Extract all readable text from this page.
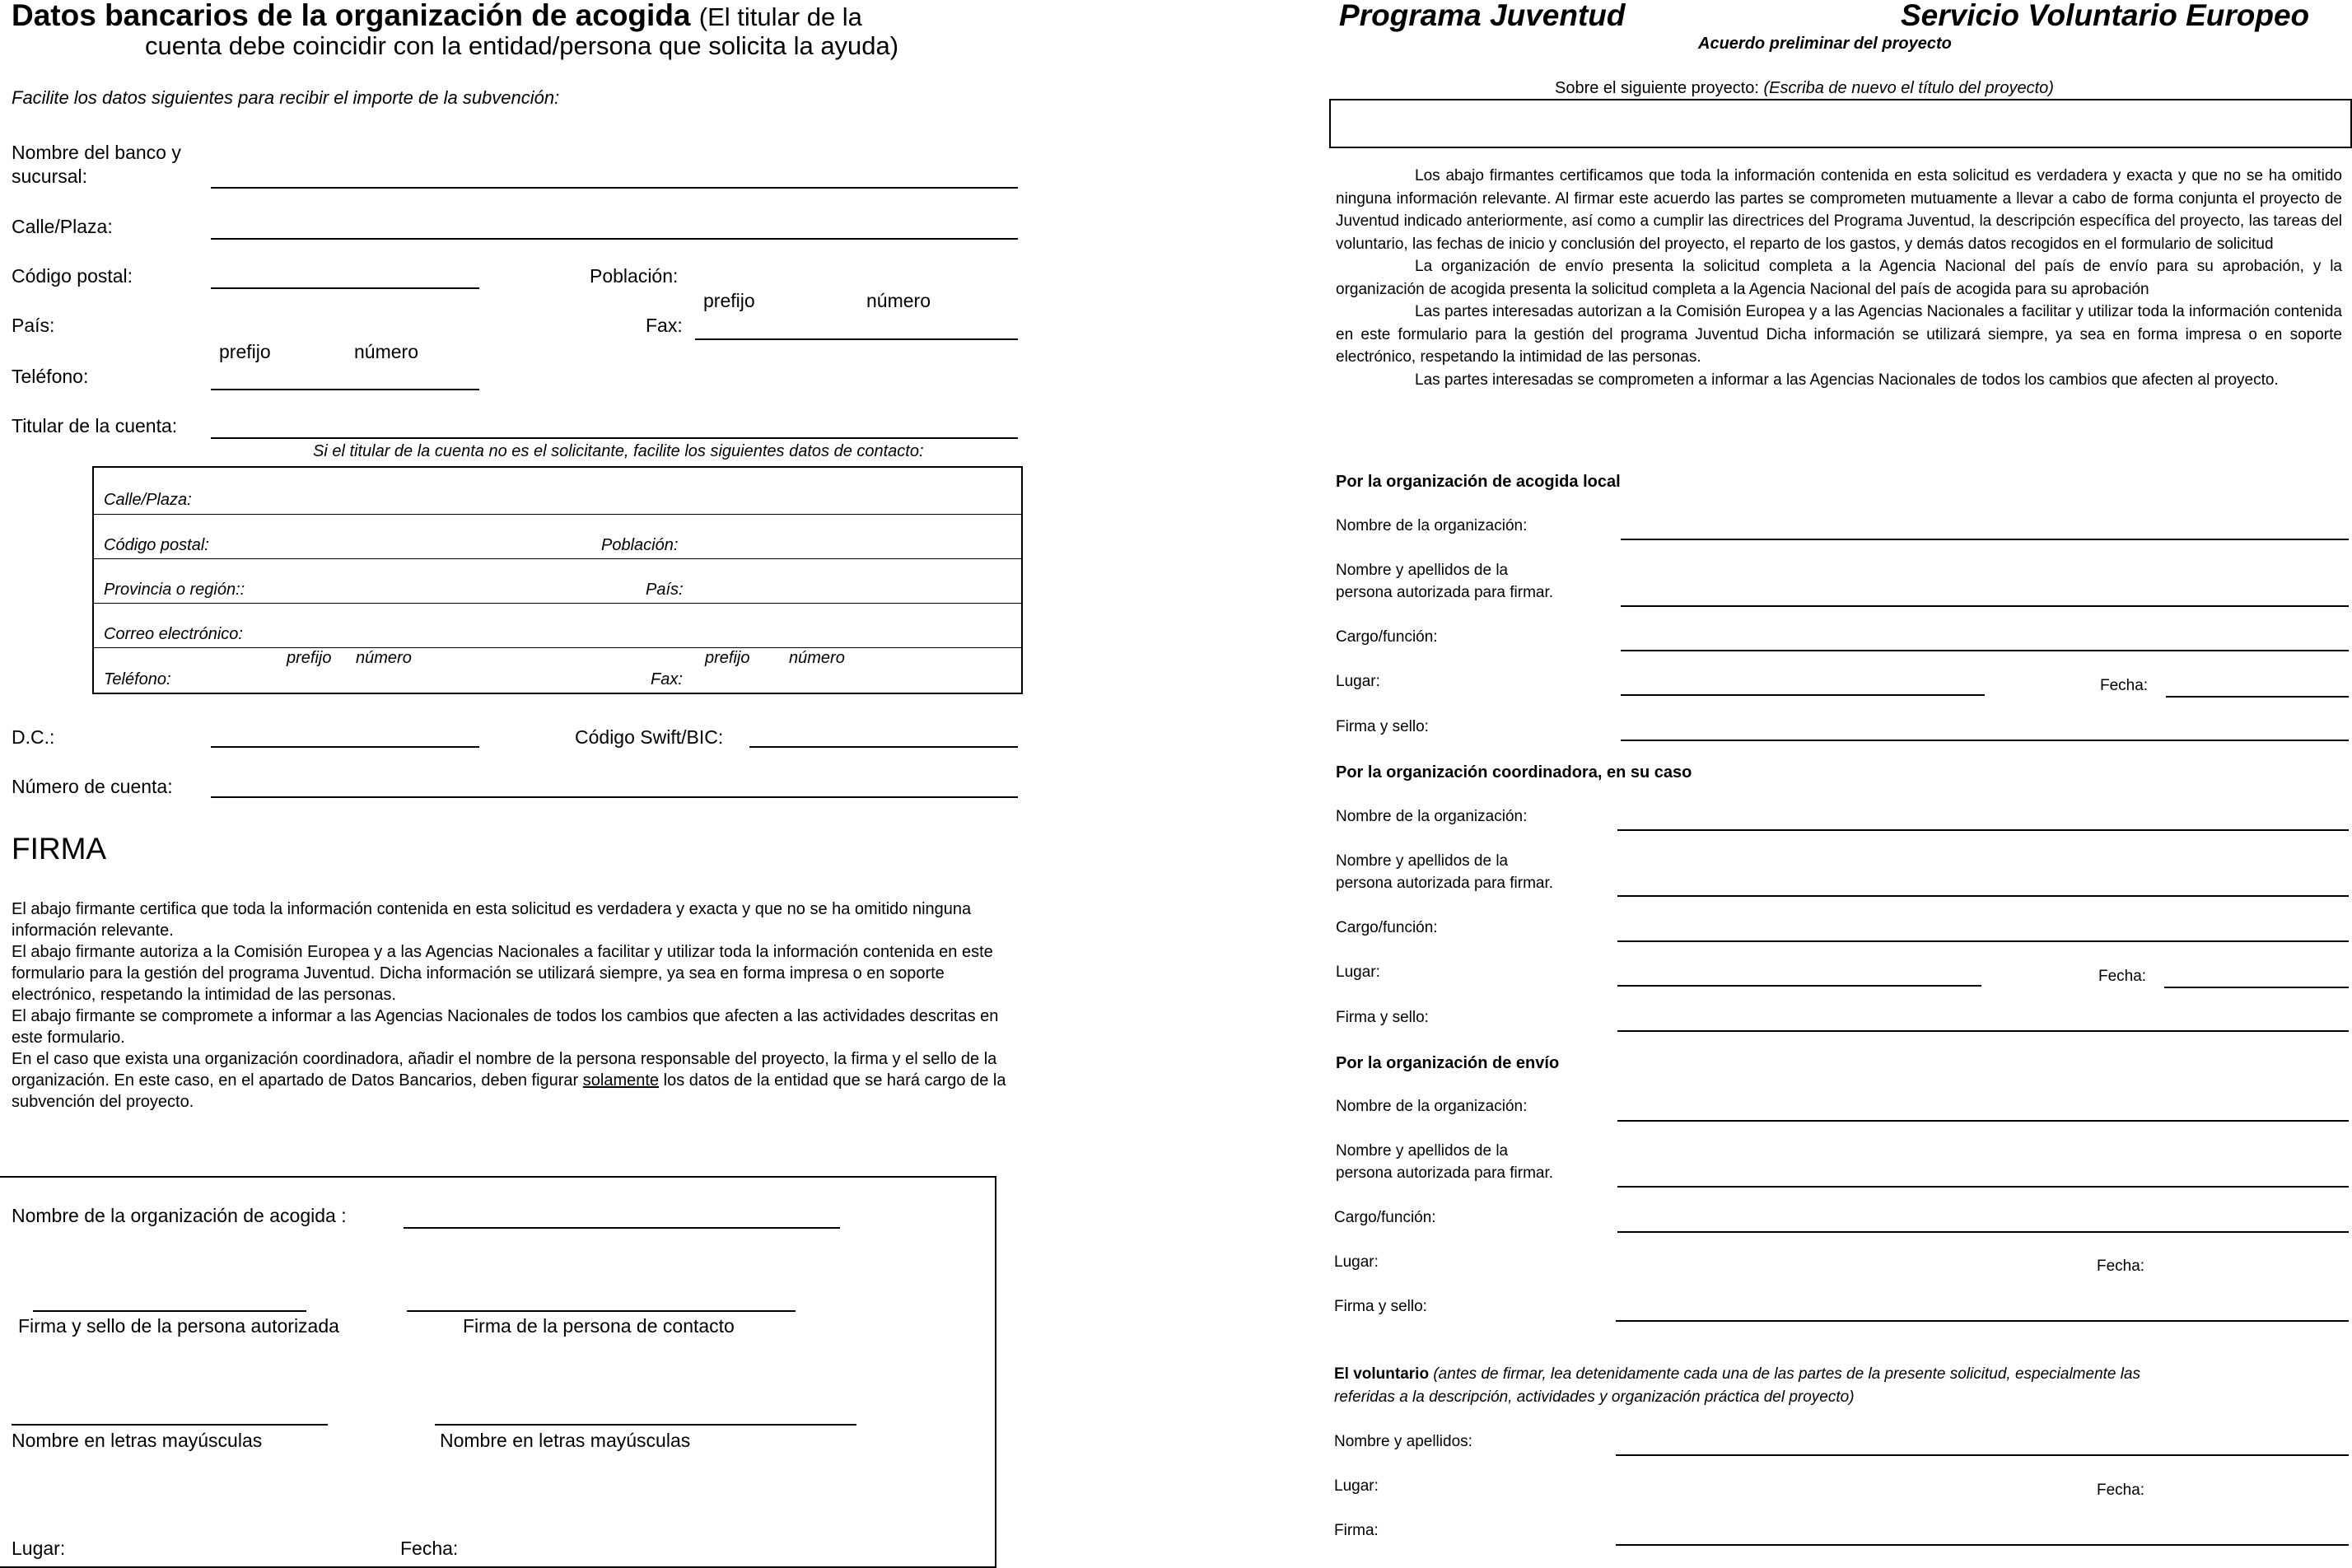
Datos bancarios de la organización de acogida (El titular de la
cuenta debe coincidir con la entidad/persona que solicita la ayuda)
Facilite los datos siguientes para recibir el importe de la subvención:
Nombre del banco y
sucursal:
Calle/Plaza:
Código postal:	Población:
prefijo	número
País:	Fax:
prefijo	número
Teléfono:
Titular de la cuenta:
Si el titular de la cuenta no es el solicitante, facilite los siguientes datos de contacto:
Calle/Plaza:
Código postal:	Población:
Provincia o región::	País:
Correo electrónico:
prefijo número	prefijo número
Teléfono:	Fax:
D.C.:	Código Swift/BIC:
Número de cuenta:
FIRMA
El abajo firmante certifica que toda la información contenida en esta solicitud es verdadera y exacta y que no se ha omitido ninguna información relevante.
El abajo firmante autoriza a la Comisión Europea y a las Agencias Nacionales a facilitar y utilizar toda la información contenida en este formulario para la gestión del programa Juventud. Dicha información se utilizará siempre, ya sea en forma impresa o en soporte electrónico, respetando la intimidad de las personas.
El abajo firmante se compromete a informar a las Agencias Nacionales de todos los cambios que afecten a las actividades descritas en este formulario.
En el caso que exista una organización coordinadora, añadir el nombre de la persona responsable del proyecto, la firma y el sello de la organización. En este caso, en el apartado de Datos Bancarios, deben figurar solamente los datos de la entidad que se hará cargo de la subvención del proyecto.
Nombre de la organización de acogida :
Firma y sello de la persona autorizada	Firma de la persona de contacto
Nombre en letras mayúsculas	Nombre en letras mayúsculas
Lugar:	Fecha:
Programa Juventud	Servicio Voluntario Europeo
Acuerdo preliminar del proyecto
Sobre el siguiente proyecto: (Escriba de nuevo el título del proyecto)
Los abajo firmantes certificamos que toda la información contenida en esta solicitud es verdadera y exacta y que no se ha omitido ninguna información relevante. Al firmar este acuerdo las partes se comprometen mutuamente a llevar a cabo de forma conjunta el proyecto de Juventud indicado anteriormente, así como a cumplir las directrices del Programa Juventud, la descripción específica del proyecto, las tareas del voluntario, las fechas de inicio y conclusión del proyecto, el reparto de los gastos, y demás datos recogidos en el formulario de solicitud
La organización de envío presenta la solicitud completa a la Agencia Nacional del país de envío para su aprobación, y la organización de acogida presenta la solicitud completa a la Agencia Nacional del país de acogida para su aprobación
Las partes interesadas autorizan a la Comisión Europea y a las Agencias Nacionales a facilitar y utilizar toda la información contenida en este formulario para la gestión del programa Juventud Dicha información se utilizará siempre, ya sea en forma impresa o en soporte electrónico, respetando la intimidad de las personas.
Las partes interesadas se comprometen a informar a las Agencias Nacionales de todos los cambios que afecten al proyecto.
Por la organización de acogida local
Nombre de la organización:
Nombre y apellidos de la
persona autorizada para firmar.
Cargo/función:
Lugar:	Fecha:
Firma y sello:
Por la organización coordinadora, en su caso
Nombre de la organización:
Nombre y apellidos de la
persona autorizada para firmar.
Cargo/función:
Lugar:	Fecha:
Firma y sello:
Por la organización de envío
Nombre de la organización:
Nombre y apellidos de la
persona autorizada para firmar.
Cargo/función:
Lugar:	Fecha:
Firma y sello:
El voluntario (antes de firmar, lea detenidamente cada una de las partes de la presente solicitud, especialmente las
referidas a la descripción, actividades y organización práctica del proyecto)
Nombre y apellidos:
Lugar:	Fecha:
Firma:
